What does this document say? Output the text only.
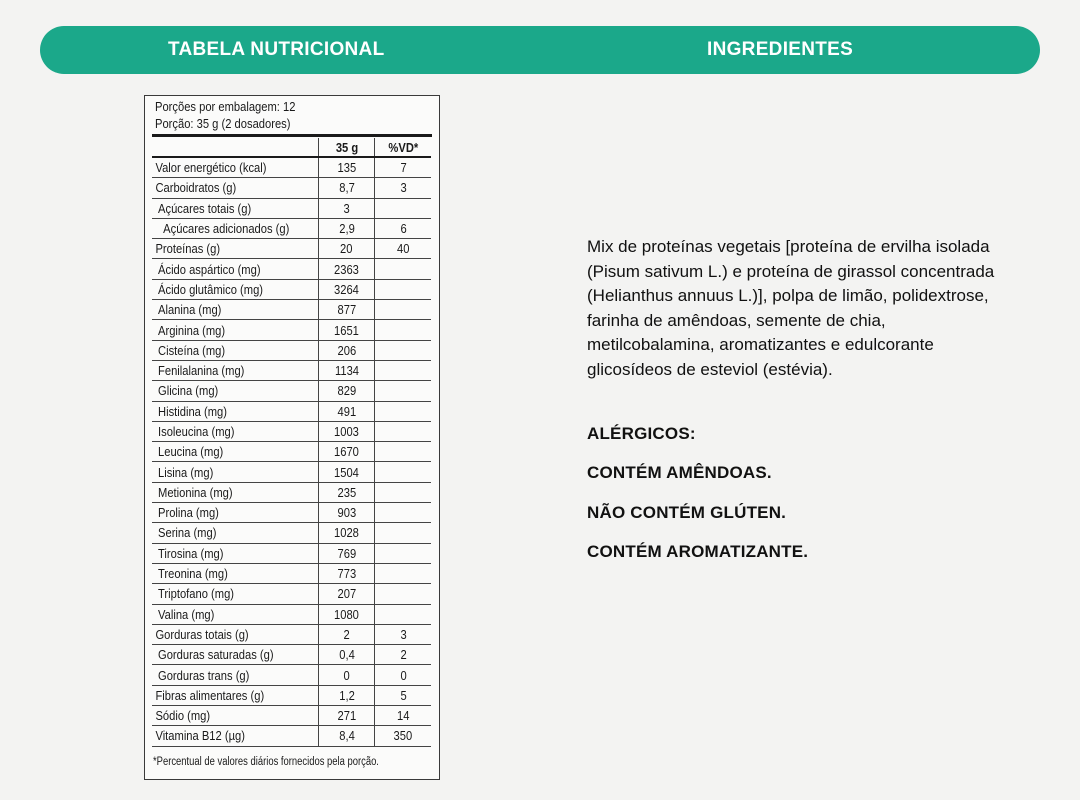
TABELA NUTRICIONAL	INGREDIENTES
Porções por embalagem: 12
Porção: 35 g (2 dosadores)
	35 g	%VD*
Valor energético (kcal)	135	7
Carboidratos (g)	8,7	3
Açúcares totais (g)	3	
Açúcares adicionados (g)	2,9	6
Proteínas (g)	20	40
Ácido aspártico (mg)	2363	
Ácido glutâmico (mg)	3264	
Alanina (mg)	877	
Arginina (mg)	1651	
Cisteína (mg)	206	
Fenilalanina (mg)	1134	
Glicina (mg)	829	
Histidina (mg)	491	
Isoleucina (mg)	1003	
Leucina (mg)	1670	
Lisina (mg)	1504	
Metionina (mg)	235	
Prolina (mg)	903	
Serina (mg)	1028	
Tirosina (mg)	769	
Treonina (mg)	773	
Triptofano (mg)	207	
Valina (mg)	1080	
Gorduras totais (g)	2	3
Gorduras saturadas (g)	0,4	2
Gorduras trans (g)	0	0
Fibras alimentares (g)	1,2	5
Sódio (mg)	271	14
Vitamina B12 (µg)	8,4	350
*Percentual de valores diários fornecidos pela porção.
Mix de proteínas vegetais [proteína de ervilha isolada (Pisum sativum L.) e proteína de girassol concentrada (Helianthus annuus L.)], polpa de limão, polidextrose, farinha de amêndoas, semente de chia, metilcobalamina, aromatizantes e edulcorante glicosídeos de esteviol (estévia).
ALÉRGICOS:
CONTÉM AMÊNDOAS.
NÃO CONTÉM GLÚTEN.
CONTÉM AROMATIZANTE.
